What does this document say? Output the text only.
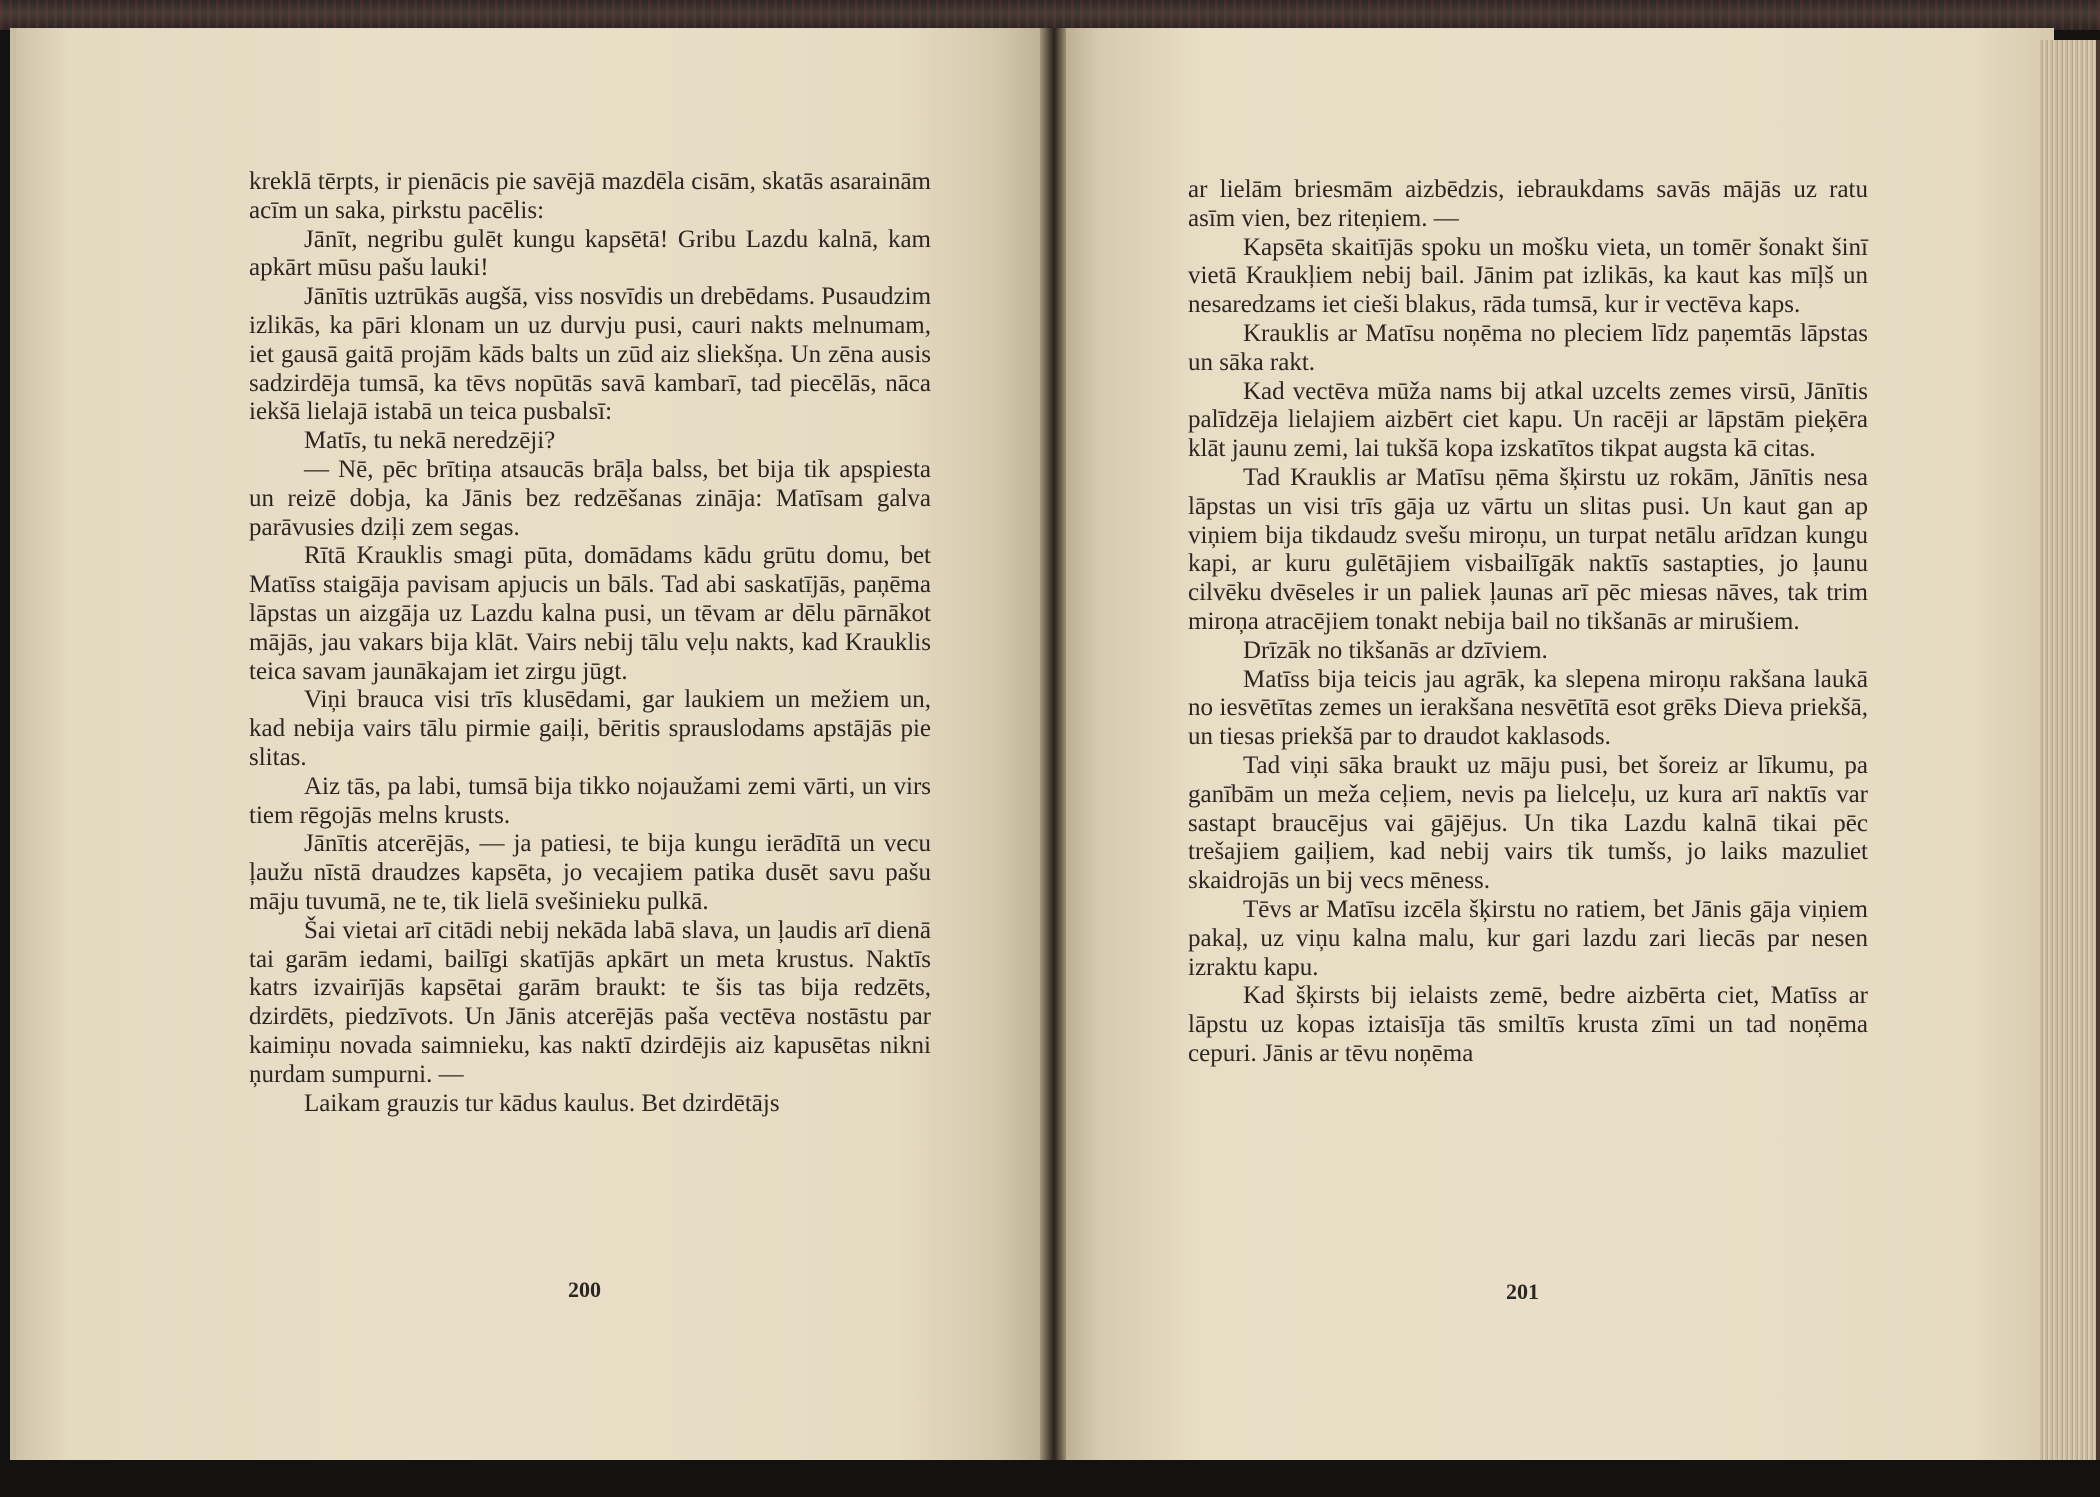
kreklā tērpts, ir pienācis pie savējā mazdēla cisām, skatās asarainām acīm un saka, pirkstu pacēlis:

Jānīt, negribu gulēt kungu kapsētā! Gribu Lazdu kalnā, kam apkārt mūsu pašu lauki!

Jānītis uztrūkās augšā, viss nosvīdis un drebēdams. Pusaudzim izlikās, ka pāri klonam un uz durvju pusi, cauri nakts melnumam, iet gausā gaitā projām kāds balts un zūd aiz sliekšņa. Un zēna ausis sadzirdēja tumsā, ka tēvs nopūtās savā kambarī, tad piecēlās, nāca iekšā lielajā istabā un teica pusbalsī:

Matīs, tu nekā neredzēji?

— Nē, pēc brītiņa atsaucās brāļa balss, bet bija tik apspiesta un reizē dobja, ka Jānis bez redzēšanas zināja: Matīsam galva parāvusies dziļi zem segas.

Rītā Krauklis smagi pūta, domādams kādu grūtu domu, bet Matīss staigāja pavisam apjucis un bāls. Tad abi saskatījās, paņēma lāpstas un aizgāja uz Lazdu kalna pusi, un tēvam ar dēlu pārnākot mājās, jau vakars bija klāt. Vairs nebij tālu veļu nakts, kad Krauklis teica savam jaunākajam iet zirgu jūgt.

Viņi brauca visi trīs klusēdami, gar laukiem un mežiem un, kad nebija vairs tālu pirmie gaiļi, bēritis sprauslodams apstājās pie slitas.

Aiz tās, pa labi, tumsā bija tikko nojaužami zemi vārti, un virs tiem rēgojās melns krusts.

Jānītis atcerējās, — ja patiesi, te bija kungu ierādītā un vecu ļaužu nīstā draudzes kapsēta, jo vecajiem patika dusēt savu pašu māju tuvumā, ne te, tik lielā svešinieku pulkā.

Šai vietai arī citādi nebij nekāda labā slava, un ļaudis arī dienā tai garām iedami, bailīgi skatījās apkārt un meta krustus. Naktīs katrs izvairījās kapsētai garām braukt: te šis tas bija redzēts, dzirdēts, piedzīvots. Un Jānis atcerējās paša vectēva nostāstu par kaimiņu novada saimnieku, kas naktī dzirdējis aiz kapusētas nikni ņurdam sumpurni. —

Laikam grauzis tur kādus kaulus. Bet dzirdētājs

200

ar lielām briesmām aizbēdzis, iebraukdams savās mājās uz ratu asīm vien, bez riteņiem. —

Kapsēta skaitījās spoku un mošku vieta, un tomēr šonakt šinī vietā Kraukļiem nebij bail. Jānim pat izlikās, ka kaut kas mīļš un nesaredzams iet cieši blakus, rāda tumsā, kur ir vectēva kaps.

Krauklis ar Matīsu noņēma no pleciem līdz paņemtās lāpstas un sāka rakt.

Kad vectēva mūža nams bij atkal uzcelts zemes virsū, Jānītis palīdzēja lielajiem aizbērt ciet kapu. Un racēji ar lāpstām pieķēra klāt jaunu zemi, lai tukšā kopa izskatītos tikpat augsta kā citas.

Tad Krauklis ar Matīsu ņēma šķirstu uz rokām, Jānītis nesa lāpstas un visi trīs gāja uz vārtu un slitas pusi. Un kaut gan ap viņiem bija tikdaudz svešu miroņu, un turpat netālu arīdzan kungu kapi, ar kuru gulētājiem visbailīgāk naktīs sastapties, jo ļaunu cilvēku dvēseles ir un paliek ļaunas arī pēc miesas nāves, tak trim miroņa atracējiem tonakt nebija bail no tikšanās ar mirušiem.

Drīzāk no tikšanās ar dzīviem.

Matīss bija teicis jau agrāk, ka slepena miroņu rakšana laukā no iesvētītas zemes un ierakšana nesvētītā esot grēks Dieva priekšā, un tiesas priekšā par to draudot kaklasods.

Tad viņi sāka braukt uz māju pusi, bet šoreiz ar līkumu, pa ganībām un meža ceļiem, nevis pa lielceļu, uz kura arī naktīs var sastapt braucējus vai gājējus. Un tika Lazdu kalnā tikai pēc trešajiem gaiļiem, kad nebij vairs tik tumšs, jo laiks mazuliet skaidrojās un bij vecs mēness.

Tēvs ar Matīsu izcēla šķirstu no ratiem, bet Jānis gāja viņiem pakaļ, uz viņu kalna malu, kur gari lazdu zari liecās par nesen izraktu kapu.

Kad šķirsts bij ielaists zemē, bedre aizbērta ciet, Matīss ar lāpstu uz kopas iztaisīja tās smiltīs krusta zīmi un tad noņēma cepuri. Jānis ar tēvu noņēma

201
